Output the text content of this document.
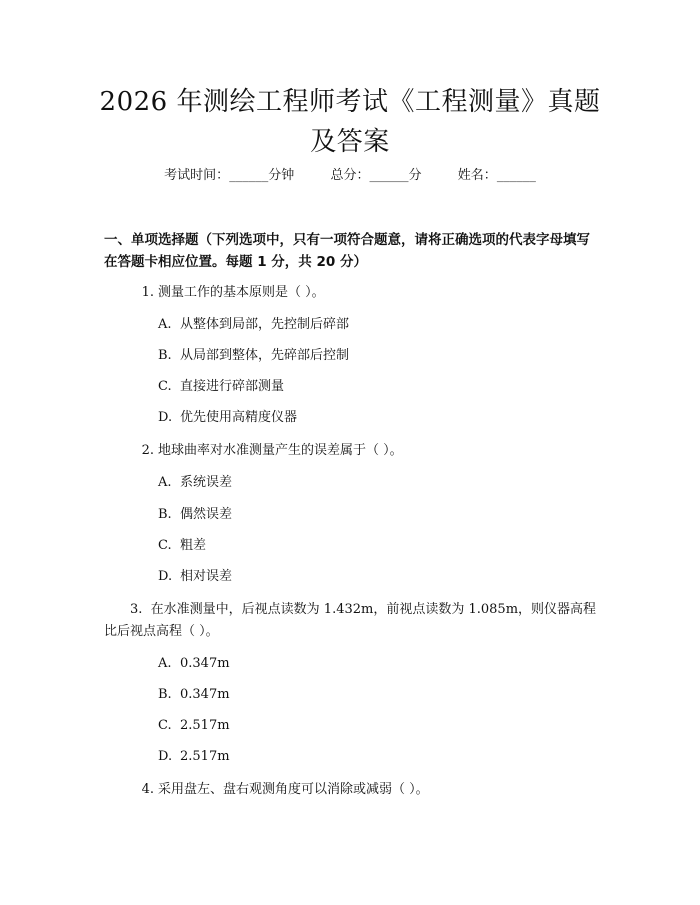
2026 年测绘工程师考试《工程测量》真题及答案
考试时间：______分钟	总分：______分	姓名：______
一、单项选择题（下列选项中，只有一项符合题意，请将正确选项的代表字母填写在答题卡相应位置。每题 1 分，共 20 分）
1. 测量工作的基本原则是（ ）。
A. 从整体到局部，先控制后碎部
B. 从局部到整体，先碎部后控制
C. 直接进行碎部测量
D. 优先使用高精度仪器
2. 地球曲率对水准测量产生的误差属于（ ）。
A. 系统误差
B. 偶然误差
C. 粗差
D. 相对误差
3. 在水准测量中，后视点读数为 1.432m，前视点读数为 1.085m，则仪器高程比后视点高程（ ）。
A. 0.347m
B. 0.347m
C. 2.517m
D. 2.517m
4. 采用盘左、盘右观测角度可以消除或减弱（ ）。
